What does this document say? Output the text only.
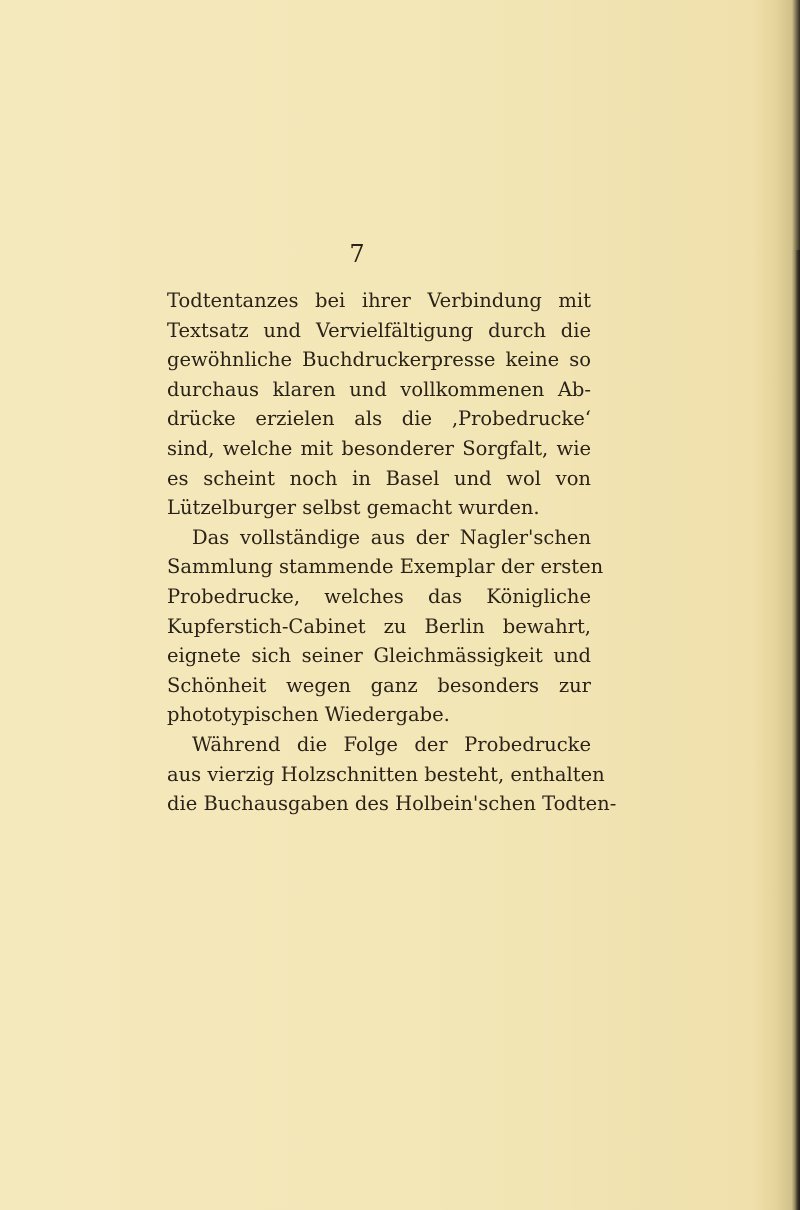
7
Todtentanzes bei ihrer Verbindung mit
Textsatz und Vervielfältigung durch die
gewöhnliche Buchdruckerpresse keine so
durchaus klaren und vollkommenen Ab-
drücke erzielen als die ‚Probedrucke‘
sind, welche mit besonderer Sorgfalt, wie
es scheint noch in Basel und wol von
Lützelburger selbst gemacht wurden.
Das vollständige aus der Nagler'schen
Sammlung stammende Exemplar der ersten
Probedrucke, welches das Königliche
Kupferstich-Cabinet zu Berlin bewahrt,
eignete sich seiner Gleichmässigkeit und
Schönheit wegen ganz besonders zur
phototypischen Wiedergabe.
Während die Folge der Probedrucke
aus vierzig Holzschnitten besteht, enthalten
die Buchausgaben des Holbein'schen Todten-
